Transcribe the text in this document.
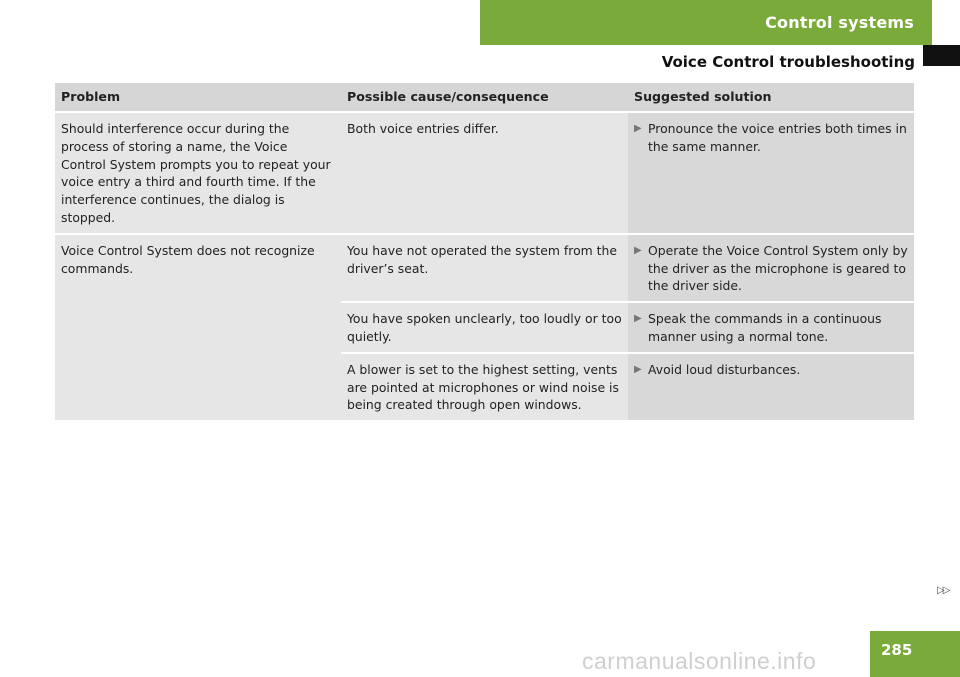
Control systems
Voice Control troubleshooting
Problem	Possible cause/consequence	Suggested solution
Should interference occur during the process of storing a name, the Voice Control System prompts you to repeat your voice entry a third and fourth time. If the interference continues, the dialog is stopped.	Both voice entries differ.	▶ Pronounce the voice entries both times in the same manner.

Voice Control System does not recognize commands.	You have not operated the system from the driver’s seat.	▶ Operate the Voice Control System only by the driver as the microphone is geared to the driver side.

	You have spoken unclearly, too loudly or too quietly.	▶ Speak the commands in a continuous manner using a normal tone.

	A blower is set to the highest setting, vents are pointed at microphones or wind noise is being created through open windows.	▶ Avoid loud disturbances.
▷▷
285
carmanualsonline.info
